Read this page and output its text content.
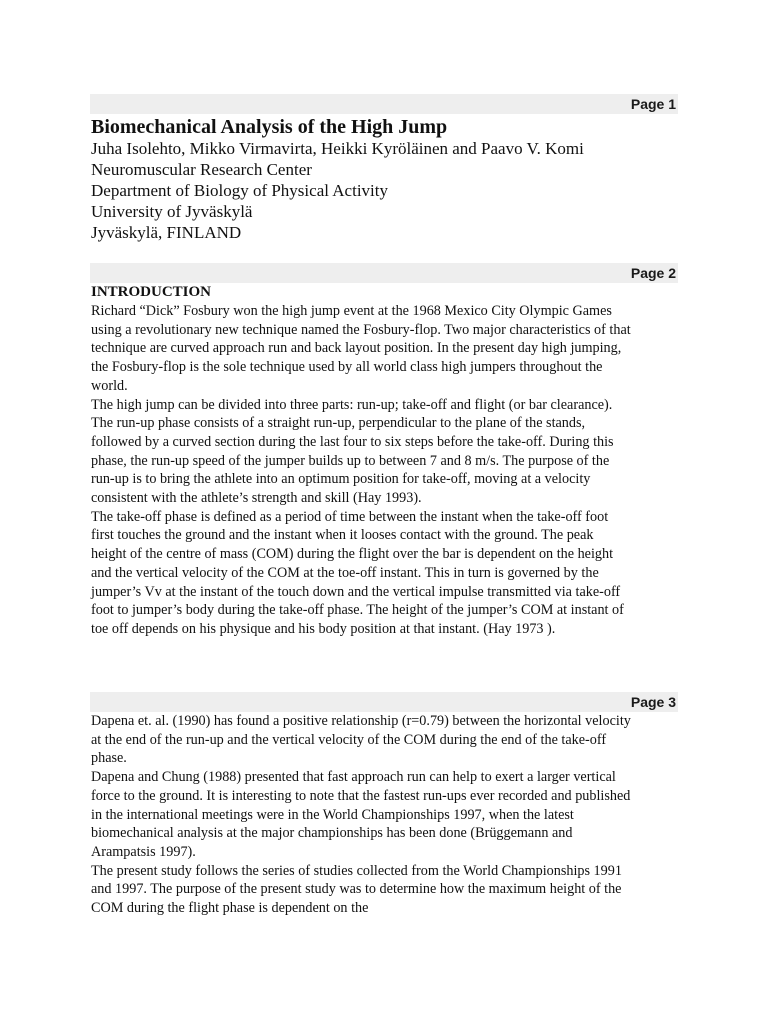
Page 1
Biomechanical Analysis of the High Jump

Juha Isolehto, Mikko Virmavirta, Heikki Kyröläinen and Paavo V. Komi

Neuromuscular Research Center

Department of Biology of Physical Activity

University of Jyväskylä

Jyväskylä, FINLAND

Page 2

INTRODUCTION

Richard “Dick” Fosbury won the high jump event at the 1968 Mexico City Olympic Games using a revolutionary new technique named the Fosbury-flop. Two major characteristics of that technique are curved approach run and back layout position. In the present day high jumping, the Fosbury-flop is the sole technique used by all world class high jumpers throughout the world.

The high jump can be divided into three parts: run-up; take-off and flight (or bar clearance). The run-up phase consists of a straight run-up, perpendicular to the plane of the stands, followed by a curved section during the last four to six steps before the take-off. During this phase, the run-up speed of the jumper builds up to between 7 and 8 m/s. The purpose of the run-up is to bring the athlete into an optimum position for take-off, moving at a velocity consistent with the athlete’s strength and skill (Hay 1993).

The take-off phase is defined as a period of time between the instant when the take-off foot first touches the ground and the instant when it looses contact with the ground. The peak height of the centre of mass (COM) during the flight over the bar is dependent on the height and the vertical velocity of the COM at the toe-off instant. This in turn is governed by the jumper’s Vv at the instant of the touch down and the vertical impulse transmitted via take-off foot to jumper’s body during the take-off phase. The height of the jumper’s COM at instant of toe off depends on his physique and his body position at that instant. (Hay 1973 ).

Page 3

Dapena et. al. (1990) has found a positive relationship (r=0.79) between the horizontal velocity at the end of the run-up and the vertical velocity of the COM during the end of the take-off phase.

Dapena and Chung (1988) presented that fast approach run can help to exert a larger vertical force to the ground. It is interesting to note that the fastest run-ups ever recorded and published in the international meetings were in the World Championships 1997, when the latest biomechanical analysis at the major championships has been done (Brüggemann and Arampatsis 1997).

The present study follows the series of studies collected from the World Championships 1991 and 1997. The purpose of the present study was to determine how the maximum height of the COM during the flight phase is dependent on the
